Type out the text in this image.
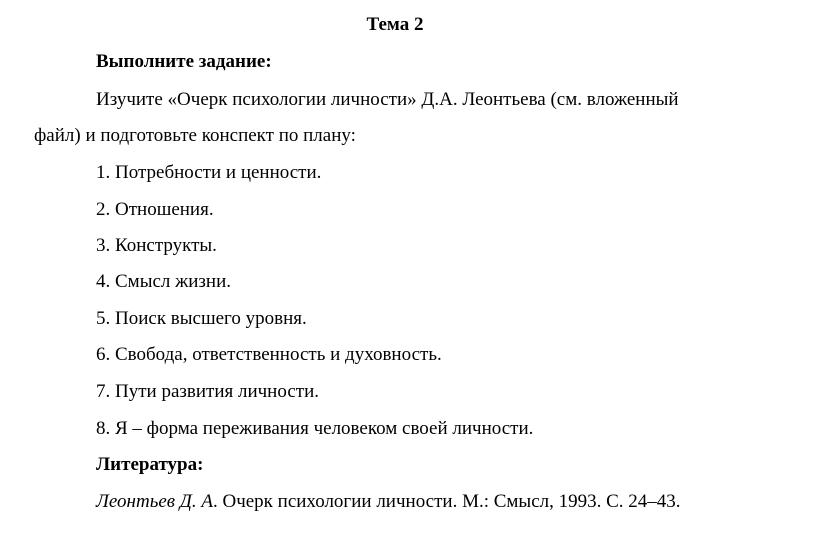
Тема 2
Выполните задание:
Изучите «Очерк психологии личности» Д.А. Леонтьева (см. вложенный
файл) и подготовьте конспект по плану:
1. Потребности и ценности.
2. Отношения.
3. Конструкты.
4. Смысл жизни.
5. Поиск высшего уровня.
6. Свобода, ответственность и духовность.
7. Пути развития личности.
8. Я – форма переживания человеком своей личности.
Литература:
Леонтьев Д. А. Очерк психологии личности. М.: Смысл, 1993. С. 24–43.
